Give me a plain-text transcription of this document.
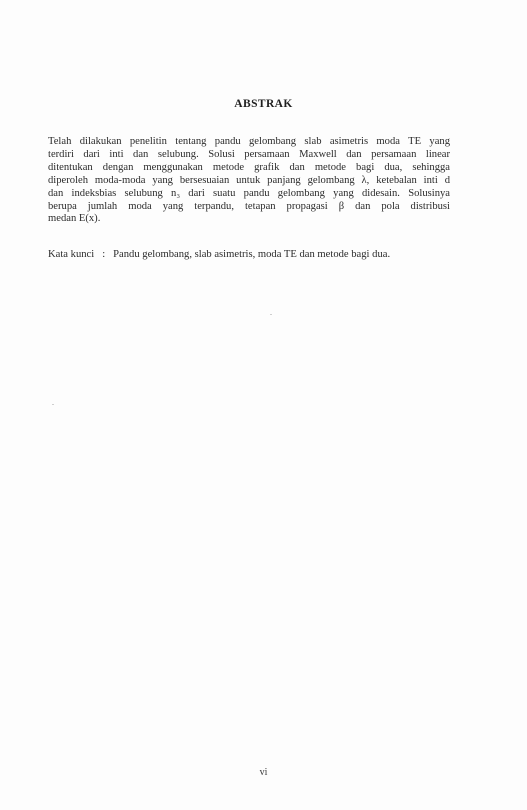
ABSTRAK
Telah dilakukan penelitin tentang pandu gelombang slab asimetris moda TE yang
terdiri dari inti dan selubung. Solusi persamaan Maxwell dan persamaan linear
ditentukan dengan menggunakan metode grafik dan metode bagi dua, sehingga
diperoleh moda-moda yang bersesuaian untuk panjang gelombang λ, ketebalan inti d
dan indeksbias selubung n₃ dari suatu pandu gelombang yang didesain. Solusinya
berupa jumlah moda yang terpandu, tetapan propagasi β dan pola distribusi
medan E(x).
Kata kunci : Pandu gelombang, slab asimetris, moda TE dan metode bagi dua.
vi
